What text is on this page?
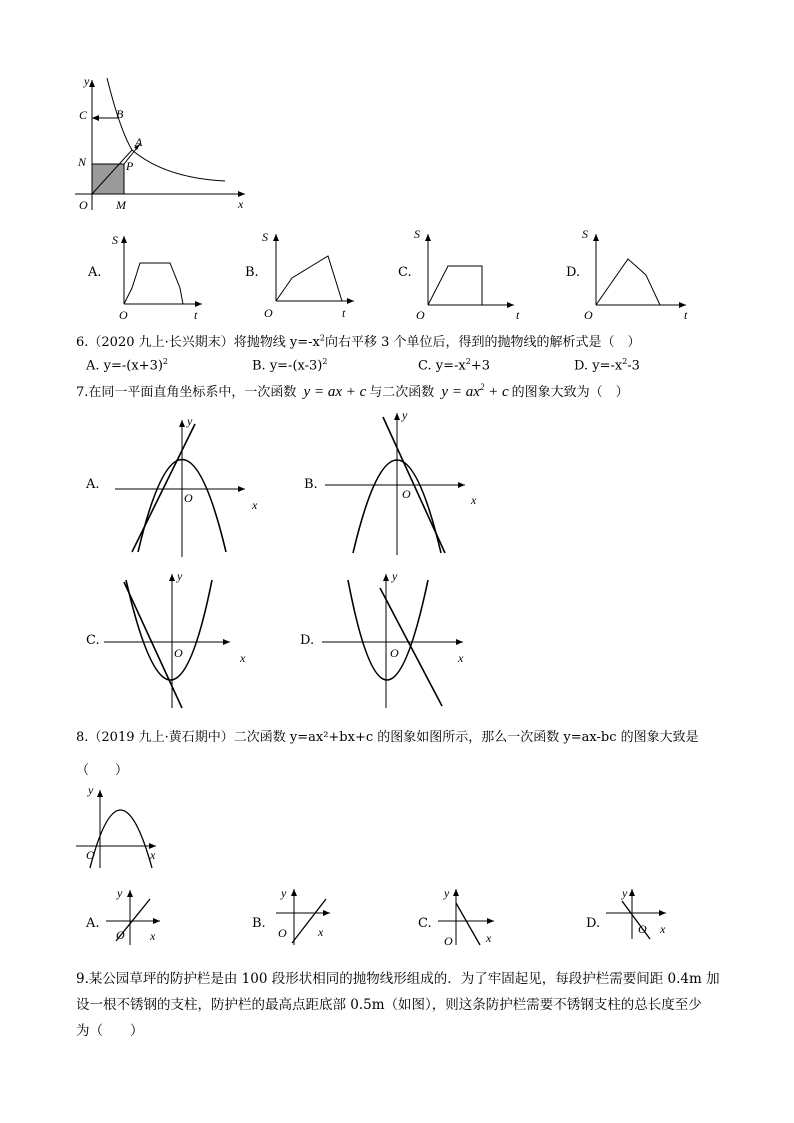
y
C B
A
N	P
O M	x
A.
S
t
O
B.
S
t
O
C.
S
t
O
D.
S
t
O
6.（2020 九上·长兴期末）将抛物线 $y=-x^2$向右平移 3 个单位后，得到的抛物线的解析式是（　）
A. $y=-(x+3)^2$	B. $y=-(x-3)^2$	C. $y=-x^2+3$	D. $y=-x^2-3$
7.在同一平面直角坐标系中，一次函数 y = ax + c 与二次函数 $y = ax^2 + c$ 的图象大致为（　）
A.
y
O	x
B.
y
O	x
C.
y
O	x
D.
y
O	x
8.（2019 九上·黄石期中）二次函数 y=ax²+bx+c 的图象如图所示，那么一次函数 y=ax-bc 的图象大致是
（　　）
y
O	x
A.
y
O x
B.
y
O	x
C.
y
O	x
D.
y
O x
9.某公园草坪的防护栏是由 100 段形状相同的抛物线形组成的．为了牢固起见，每段护栏需要间距 0.4m 加
设一根不锈钢的支柱，防护栏的最高点距底部 0.5m（如图），则这条防护栏需要不锈钢支柱的总长度至少
为（　　）
